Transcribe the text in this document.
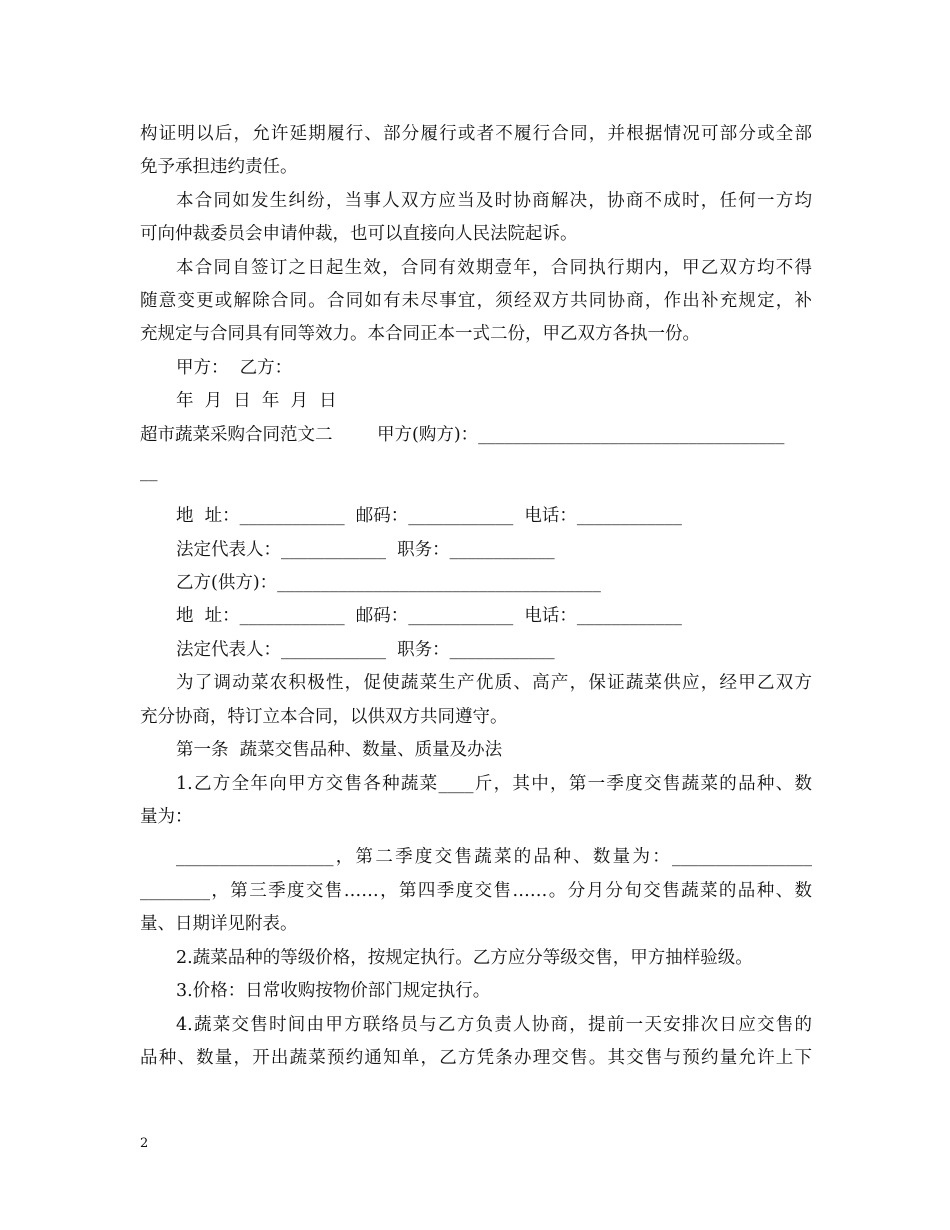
构证明以后，允许延期履行、部分履行或者不履行合同，并根据情况可部分或全部
免予承担违约责任。
本合同如发生纠纷，当事人双方应当及时协商解决，协商不成时，任何一方均
可向仲裁委员会申请仲裁，也可以直接向人民法院起诉。
本合同自签订之日起生效，合同有效期壹年，合同执行期内，甲乙双方均不得
随意变更或解除合同。合同如有未尽事宜，须经双方共同协商，作出补充规定，补
充规定与合同具有同等效力。本合同正本一式二份，甲乙双方各执一份。
甲方：  乙方：
年  月  日  年  月  日
超市蔬菜采购合同范文二        甲方(购方)：___________________________________
__
地  址：____________  邮码：____________  电话：____________
法定代表人：____________  职务：____________
乙方(供方)：_____________________________________
地  址：____________  邮码：____________  电话：____________
法定代表人：____________  职务：____________
为了调动菜农积极性，促使蔬菜生产优质、高产，保证蔬菜供应，经甲乙双方
充分协商，特订立本合同，以供双方共同遵守。
第一条  蔬菜交售品种、数量、质量及办法
1.乙方全年向甲方交售各种蔬菜____斤，其中，第一季度交售蔬菜的品种、数
量为：
__________________，第二季度交售蔬菜的品种、数量为：________________
________，第三季度交售……，第四季度交售……。分月分旬交售蔬菜的品种、数
量、日期详见附表。
2.蔬菜品种的等级价格，按规定执行。乙方应分等级交售，甲方抽样验级。
3.价格：日常收购按物价部门规定执行。
4.蔬菜交售时间由甲方联络员与乙方负责人协商，提前一天安排次日应交售的
品种、数量，开出蔬菜预约通知单，乙方凭条办理交售。其交售与预约量允许上下
2
